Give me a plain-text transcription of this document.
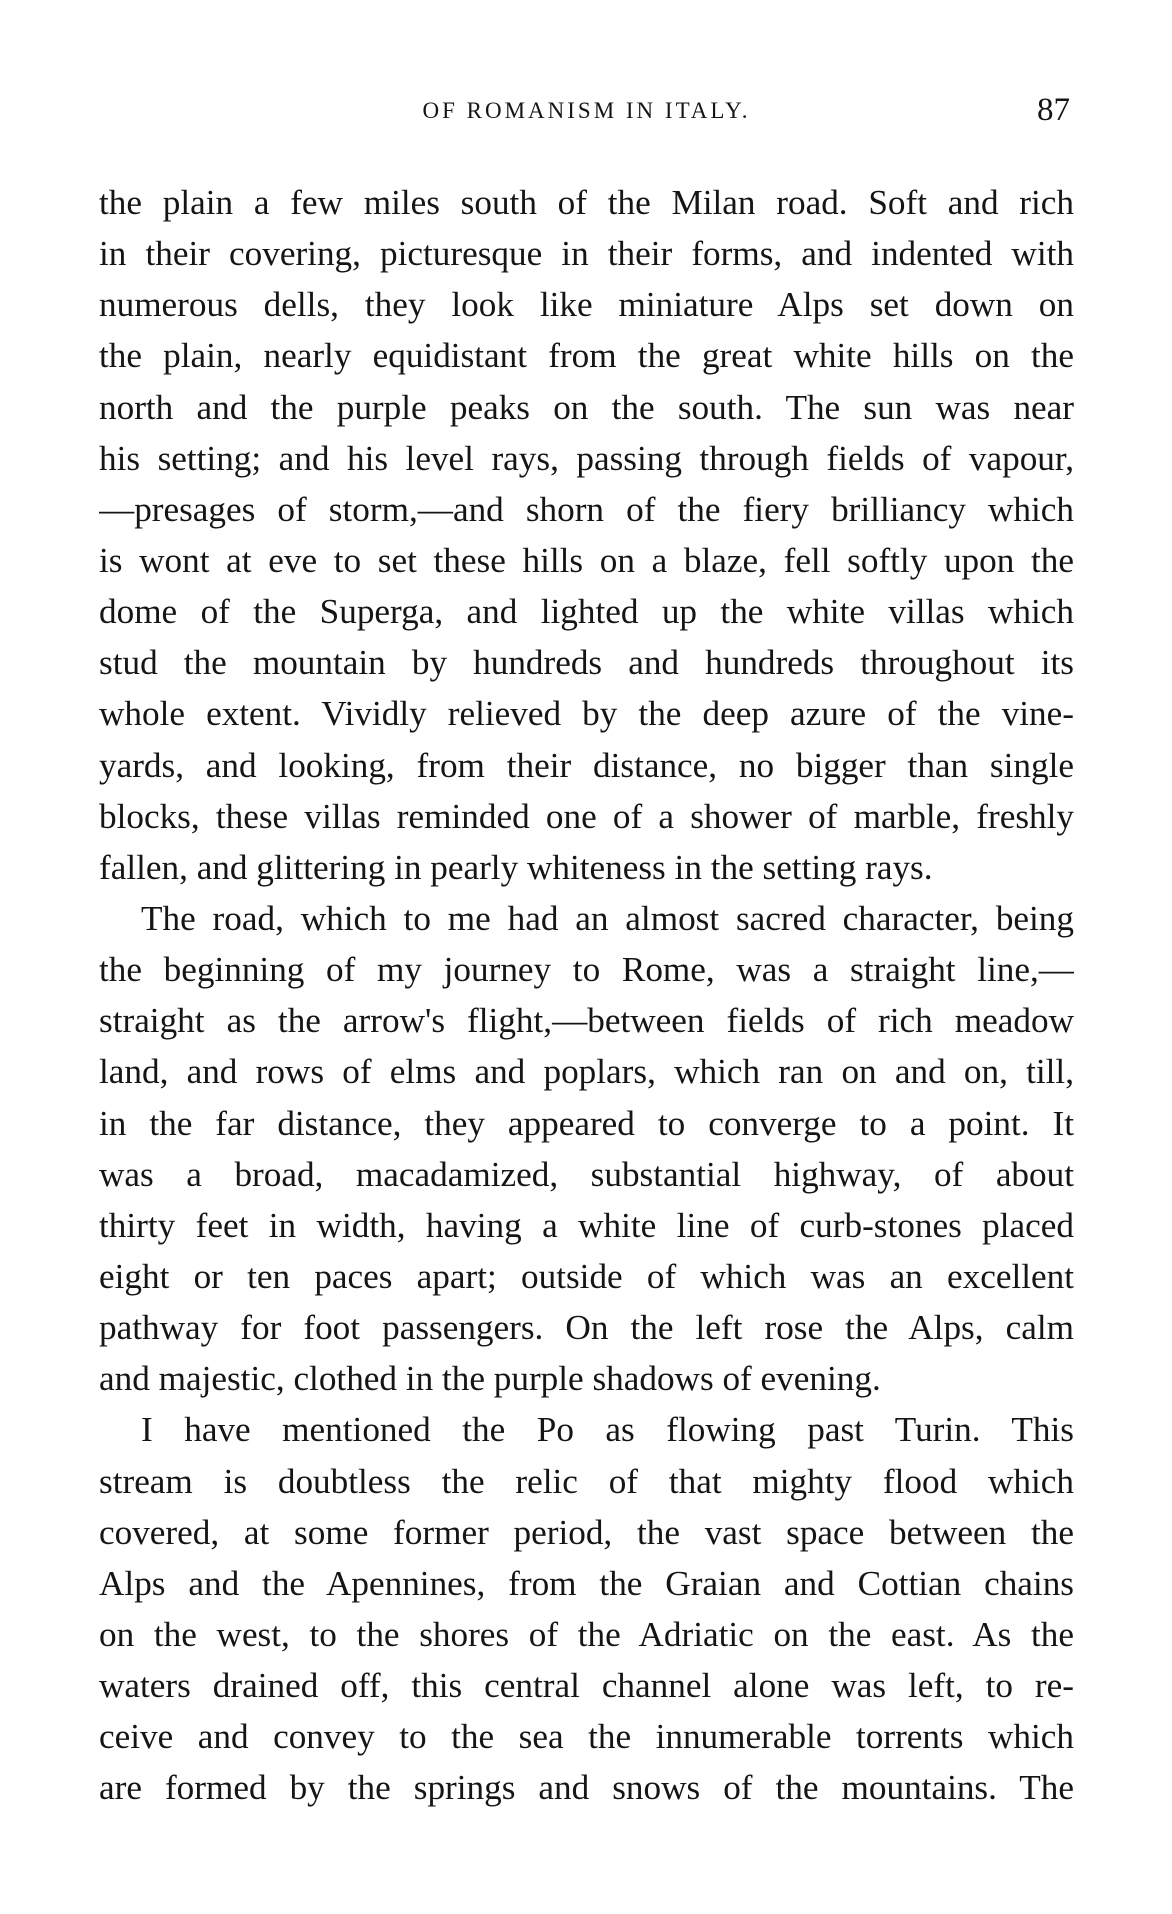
OF ROMANISM IN ITALY.	87
the plain a few miles south of the Milan road. Soft and rich
in their covering, picturesque in their forms, and indented with
numerous dells, they look like miniature Alps set down on
the plain, nearly equidistant from the great white hills on the
north and the purple peaks on the south. The sun was near
his setting; and his level rays, passing through fields of vapour,
—presages of storm,—and shorn of the fiery brilliancy which
is wont at eve to set these hills on a blaze, fell softly upon the
dome of the Superga, and lighted up the white villas which
stud the mountain by hundreds and hundreds throughout its
whole extent. Vividly relieved by the deep azure of the vine-
yards, and looking, from their distance, no bigger than single
blocks, these villas reminded one of a shower of marble, freshly
fallen, and glittering in pearly whiteness in the setting rays.
The road, which to me had an almost sacred character, being
the beginning of my journey to Rome, was a straight line,—
straight as the arrow's flight,—between fields of rich meadow
land, and rows of elms and poplars, which ran on and on, till,
in the far distance, they appeared to converge to a point. It
was a broad, macadamized, substantial highway, of about
thirty feet in width, having a white line of curb-stones placed
eight or ten paces apart; outside of which was an excellent
pathway for foot passengers. On the left rose the Alps, calm
and majestic, clothed in the purple shadows of evening.
I have mentioned the Po as flowing past Turin. This
stream is doubtless the relic of that mighty flood which
covered, at some former period, the vast space between the
Alps and the Apennines, from the Graian and Cottian chains
on the west, to the shores of the Adriatic on the east. As the
waters drained off, this central channel alone was left, to re-
ceive and convey to the sea the innumerable torrents which
are formed by the springs and snows of the mountains. The
